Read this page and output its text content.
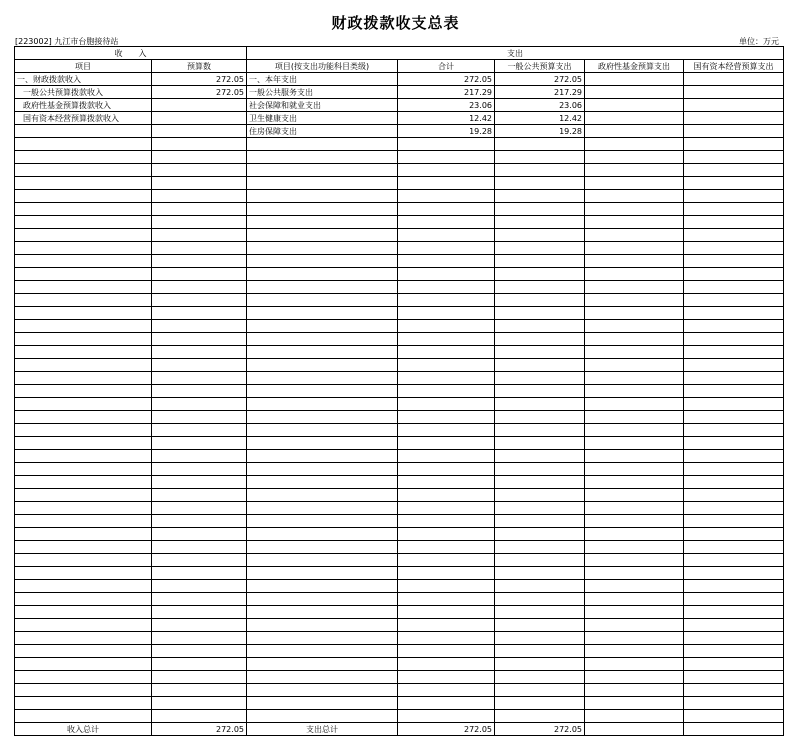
财政拨款收支总表
[223002] 九江市台胞接待站	单位：万元
收　　入		支出				
项目	预算数	项目(按支出功能科目类级)	合计	一般公共预算支出	政府性基金预算支出	国有资本经营预算支出
一、财政拨款收入	272.05	一、本年支出	272.05	272.05		
一般公共预算拨款收入	272.05	一般公共服务支出	217.29	217.29		
政府性基金预算拨款收入		社会保障和就业支出	23.06	23.06		
国有资本经营预算拨款收入		卫生健康支出	12.42	12.42		
		住房保障支出	19.28	19.28		

收入总计	272.05	支出总计	272.05	272.05		
